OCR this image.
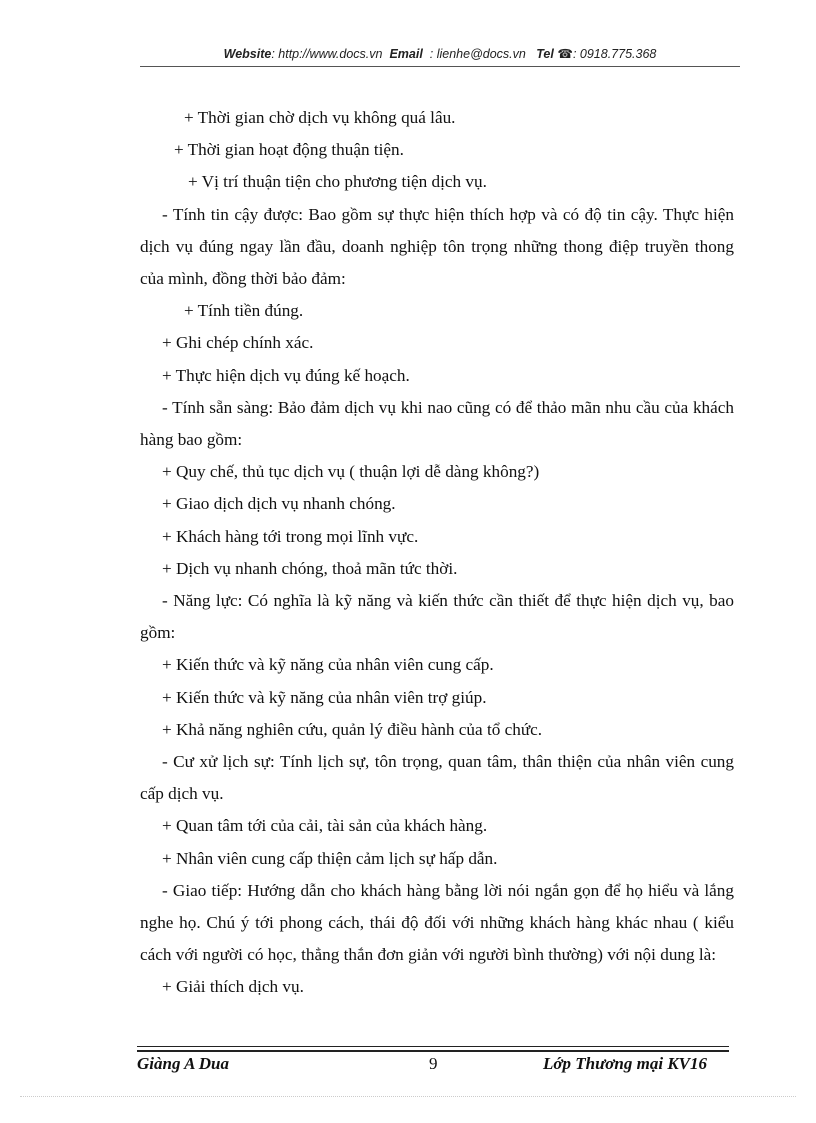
Website: http://www.docs.vn Email : lienhe@docs.vn Tel ☎: 0918.775.368

+ Thời gian chờ dịch vụ không quá lâu.

+ Thời gian hoạt động thuận tiện.

+ Vị trí thuận tiện cho phương tiện dịch vụ.

- Tính tin cậy được: Bao gồm sự thực hiện thích hợp và có độ tin cậy. Thực hiện dịch vụ đúng ngay lần đầu, doanh nghiệp tôn trọng những thong điệp truyền thong của mình, đồng thời bảo đảm:

+ Tính tiền đúng.

+ Ghi chép chính xác.

+ Thực hiện dịch vụ đúng kế hoạch.

- Tính sẵn sàng: Bảo đảm dịch vụ khi nao cũng có để thảo mãn nhu cầu của khách hàng bao gồm:

+ Quy chế, thủ tục dịch vụ ( thuận lợi dễ dàng không?)

+ Giao dịch dịch vụ nhanh chóng.

+ Khách hàng tới trong mọi lĩnh vực.

+ Dịch vụ nhanh chóng, thoả mãn tức thời.

- Năng lực: Có nghĩa là kỹ năng và kiến thức cần thiết để thực hiện dịch vụ, bao gồm:

+ Kiến thức và kỹ năng của nhân viên cung cấp.

+ Kiến thức và kỹ năng của nhân viên trợ giúp.

+ Khả năng nghiên cứu, quản lý điều hành của tổ chức.

- Cư xử lịch sự: Tính lịch sự, tôn trọng, quan tâm, thân thiện của nhân viên cung cấp dịch vụ.

+ Quan tâm tới của cải, tài sản của khách hàng.

+ Nhân viên cung cấp thiện cảm lịch sự hấp dẫn.

- Giao tiếp: Hướng dẫn cho khách hàng bằng lời nói ngắn gọn để họ hiểu và lắng nghe họ. Chú ý tới phong cách, thái độ đối với những khách hàng khác nhau ( kiểu cách với người có học, thẳng thắn đơn giản với người bình thường) với nội dung là:

+ Giải thích dịch vụ.

Giàng A Dua	9	Lớp Thương mại KV16
